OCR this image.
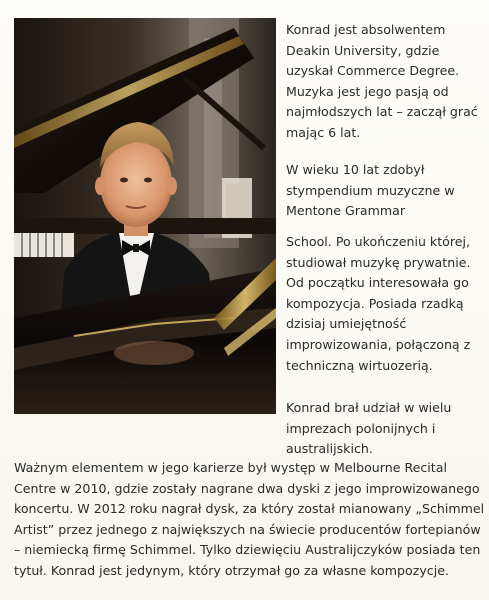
Konrad jest absolwentem
Deakin University, gdzie
uzyskał Commerce Degree.
Muzyka jest jego pasją od
najmłodszych lat – zaczął grać
mając 6 lat.
W wieku 10 lat zdobył
stympendium muzyczne w
Mentone Grammar
School. Po ukończeniu której,
studiował muzykę prywatnie.
Od początku interesowała go
kompozycja. Posiada rzadką
dzisiaj umiejętność
improwizowania, połączoną z
techniczną wirtuozerią.
Konrad brał udział w wielu
imprezach polonijnych i
australijskich.
Ważnym elementem w jego karierze był występ w Melbourne Recital
Centre w 2010, gdzie zostały nagrane dwa dyski z jego improwizowanego
koncertu. W 2012 roku nagrał dysk, za który został mianowany „Schimmel
Artist” przez jednego z największych na świecie producentów fortepianów
– niemiecką firmę Schimmel. Tylko dziewięciu Australijczyków posiada ten
tytuł. Konrad jest jedynym, który otrzymał go za własne kompozycje.
